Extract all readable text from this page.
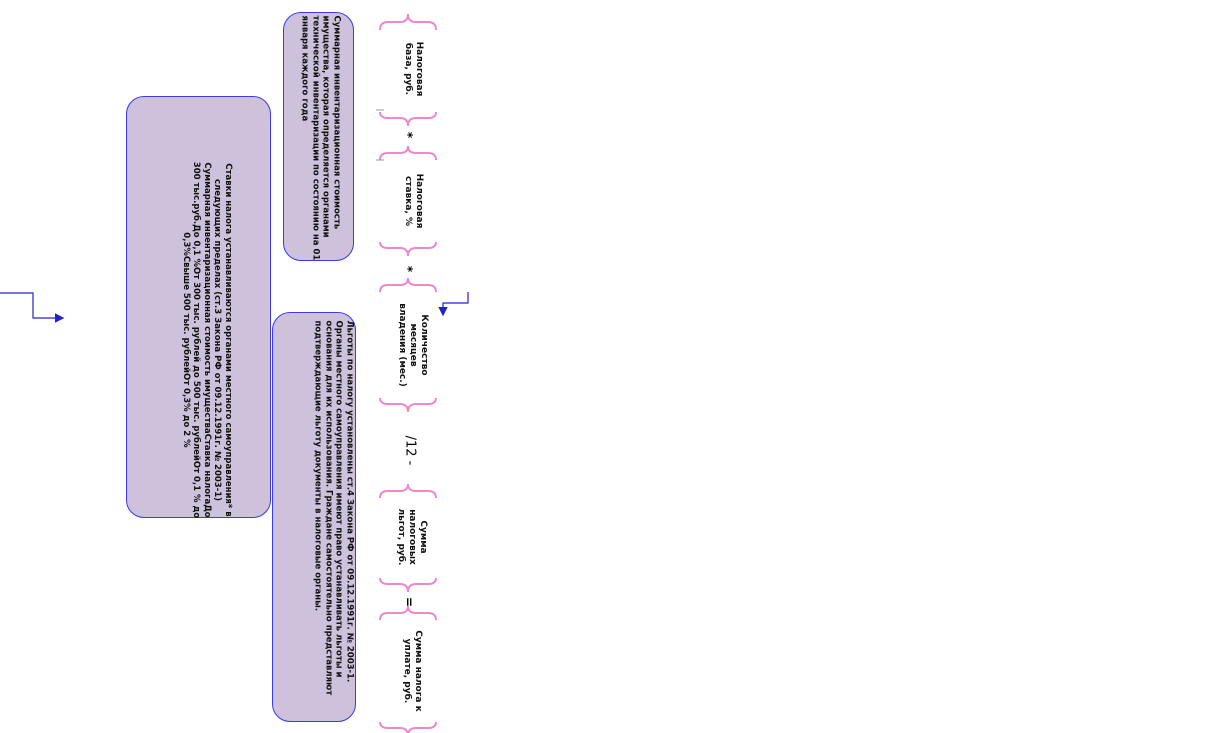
Суммарная инвентаризационная стоимость имущества, которая определяется органами технической инвентаризации по состоянию на 01 января каждого года
Льготы по налогу установлены ст.4 Закона РФ от 09.12.1991г. № 2003-1. Органы местного самоуправления имеют право устанавливать льготы и основания для их использования. Граждане самостоятельно представляют подтверждающие льготу документы в налоговые органы.
Ставки налога устанавливаются органами местного самоуправления* в следующих пределах (ст.3 Закона РФ от 09.12.1991г. № 2003-1) Суммарная инвентаризационная стоимость имуществаСтавка налогаДо 300 тыс.руб.До 0,1 %От 300 тыс. рублей до 500 тыс. рублейОт 0,1 % до 0,3%Свыше 500 тыс. рублейОт 0,3% до 2 %
Налоговая база, руб.
*
Налоговая ставка, %
*
Количество месяцев владения (мес.)
/12 -
Сумма налоговых льгот, руб.
=
Сумма налога к уплате, руб.
